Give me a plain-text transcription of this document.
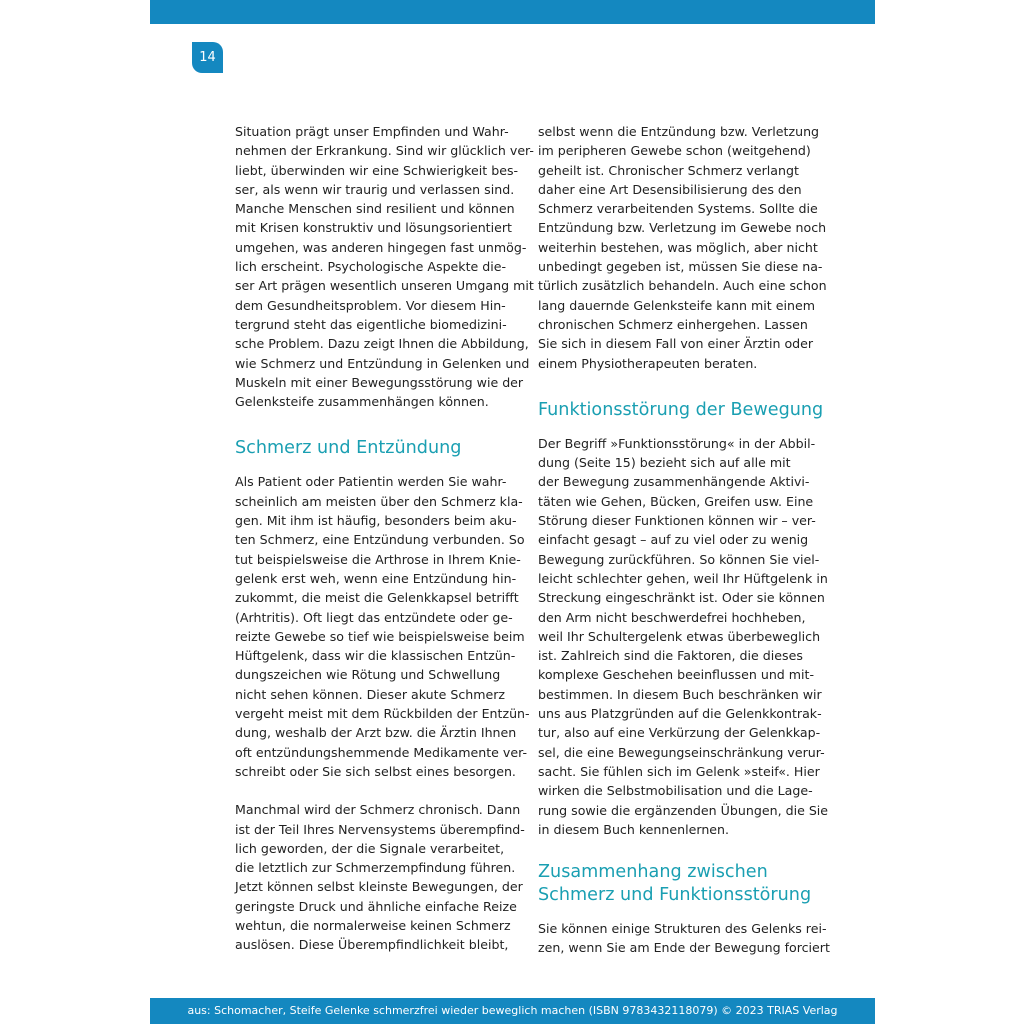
14

Situation prägt unser Empfinden und Wahr-
nehmen der Erkrankung. Sind wir glücklich ver-
liebt, überwinden wir eine Schwierigkeit bes-
ser, als wenn wir traurig und verlassen sind.
Manche Menschen sind resilient und können
mit Krisen konstruktiv und lösungsorientiert
umgehen, was anderen hingegen fast unmög-
lich erscheint. Psychologische Aspekte die-
ser Art prägen wesentlich unseren Umgang mit
dem Gesundheitsproblem. Vor diesem Hin-
tergrund steht das eigentliche biomedizini-
sche Problem. Dazu zeigt Ihnen die Abbildung,
wie Schmerz und Entzündung in Gelenken und
Muskeln mit einer Bewegungsstörung wie der
Gelenksteife zusammenhängen können.

Schmerz und Entzündung

Als Patient oder Patientin werden Sie wahr-
scheinlich am meisten über den Schmerz kla-
gen. Mit ihm ist häufig, besonders beim aku-
ten Schmerz, eine Entzündung verbunden. So
tut beispielsweise die Arthrose in Ihrem Knie-
gelenk erst weh, wenn eine Entzündung hin-
zukommt, die meist die Gelenkkapsel betrifft
(Arhtritis). Oft liegt das entzündete oder ge-
reizte Gewebe so tief wie beispielsweise beim
Hüftgelenk, dass wir die klassischen Entzün-
dungszeichen wie Rötung und Schwellung
nicht sehen können. Dieser akute Schmerz
vergeht meist mit dem Rückbilden der Entzün-
dung, weshalb der Arzt bzw. die Ärztin Ihnen
oft entzündungshemmende Medikamente ver-
schreibt oder Sie sich selbst eines besorgen.

Manchmal wird der Schmerz chronisch. Dann
ist der Teil Ihres Nervensystems überempfind-
lich geworden, der die Signale verarbeitet,
die letztlich zur Schmerzempfindung führen.
Jetzt können selbst kleinste Bewegungen, der
geringste Druck und ähnliche einfache Reize
wehtun, die normalerweise keinen Schmerz
auslösen. Diese Überempfindlichkeit bleibt,

selbst wenn die Entzündung bzw. Verletzung
im peripheren Gewebe schon (weitgehend)
geheilt ist. Chronischer Schmerz verlangt
daher eine Art Desensibilisierung des den
Schmerz verarbeitenden Systems. Sollte die
Entzündung bzw. Verletzung im Gewebe noch
weiterhin bestehen, was möglich, aber nicht
unbedingt gegeben ist, müssen Sie diese na-
türlich zusätzlich behandeln. Auch eine schon
lang dauernde Gelenksteife kann mit einem
chronischen Schmerz einhergehen. Lassen
Sie sich in diesem Fall von einer Ärztin oder
einem Physiotherapeuten beraten.

Funktionsstörung der Bewegung

Der Begriff »Funktionsstörung« in der Abbil-
dung (Seite 15) bezieht sich auf alle mit
der Bewegung zusammenhängende Aktivi-
täten wie Gehen, Bücken, Greifen usw. Eine
Störung dieser Funktionen können wir – ver-
einfacht gesagt – auf zu viel oder zu wenig
Bewegung zurückführen. So können Sie viel-
leicht schlechter gehen, weil Ihr Hüftgelenk in
Streckung eingeschränkt ist. Oder sie können
den Arm nicht beschwerdefrei hochheben,
weil Ihr Schultergelenk etwas überbeweglich
ist. Zahlreich sind die Faktoren, die dieses
komplexe Geschehen beeinflussen und mit-
bestimmen. In diesem Buch beschränken wir
uns aus Platzgründen auf die Gelenkkontrak-
tur, also auf eine Verkürzung der Gelenkkap-
sel, die eine Bewegungseinschränkung verur-
sacht. Sie fühlen sich im Gelenk »steif«. Hier
wirken die Selbstmobilisation und die Lage-
rung sowie die ergänzenden Übungen, die Sie
in diesem Buch kennenlernen.

Zusammenhang zwischen
Schmerz und Funktionsstörung

Sie können einige Strukturen des Gelenks rei-
zen, wenn Sie am Ende der Bewegung forciert

aus: Schomacher, Steife Gelenke schmerzfrei wieder beweglich machen (ISBN 9783432118079) © 2023 TRIAS Verlag
